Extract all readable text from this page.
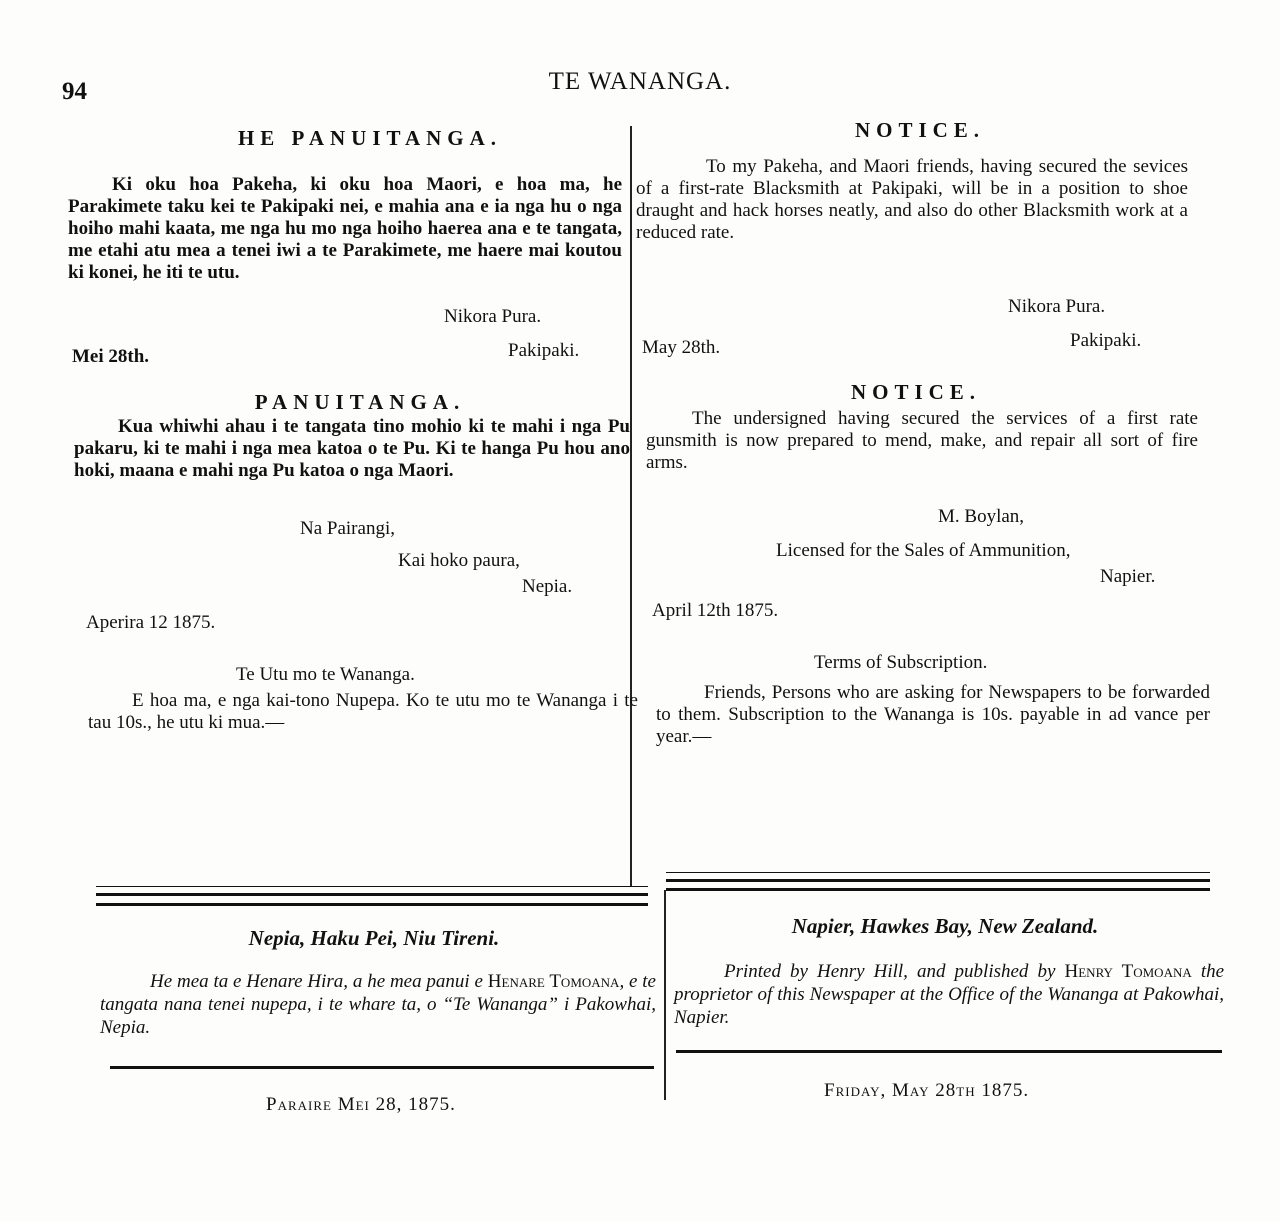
94	TE WANANGA.
HE PANUITANGA.
Ki oku hoa Pakeha, ki oku hoa Maori, e hoa ma, he Parakimete taku kei te Pakipaki nei, e mahia ana e ia nga hu o nga hoiho mahi kaata, me nga hu mo nga hoiho haerea ana e te tangata, me etahi atu mea a tenei iwi a te Parakimete, me haere mai koutou ki konei, he iti te utu.
Nikora Pura.
Mei 28th.	Pakipaki.
PANUITANGA.
Kua whiwhi ahau i te tangata tino mohio ki te mahi i nga Pu pakaru, ki te mahi i nga mea katoa o te Pu. Ki te hanga Pu hou ano hoki, maana e mahi nga Pu katoa o nga Maori.
Na Pairangi,
Kai hoko paura,
Nepia.
Aperira 12 1875.
Te Utu mo te Wananga.
E hoa ma, e nga kai-tono Nupepa. Ko te utu mo te Wananga i te tau 10s., he utu ki mua.—
Nepia, Haku Pei, Niu Tireni.
He mea ta e Henare Hira, a he mea panui e Henare Tomoana, e te tangata nana tenei nupepa, i te whare ta, o “Te Wananga” i Pakowhai, Nepia.
Paraire Mei 28, 1875.
NOTICE.
To my Pakeha, and Maori friends, having secured the sevices of a first-rate Blacksmith at Pakipaki, will be in a position to shoe draught and hack horses neatly, and also do other Blacksmith work at a reduced rate.
Nikora Pura.
Pakipaki.
May 28th.
NOTICE.
The undersigned having secured the services of a first rate gunsmith is now prepared to mend, make, and repair all sort of fire arms.
M. Boylan,
Licensed for the Sales of Ammunition,
Napier.
April 12th 1875.
Terms of Subscription.
Friends, Persons who are asking for Newspapers to be forwarded to them. Subscription to the Wananga is 10s. payable in ad vance per year.—
Napier, Hawkes Bay, New Zealand.
Printed by Henry Hill, and published by Henry Tomoana the proprietor of this Newspaper at the Office of the Wananga at Pakowhai, Napier.
Friday, May 28th 1875.
